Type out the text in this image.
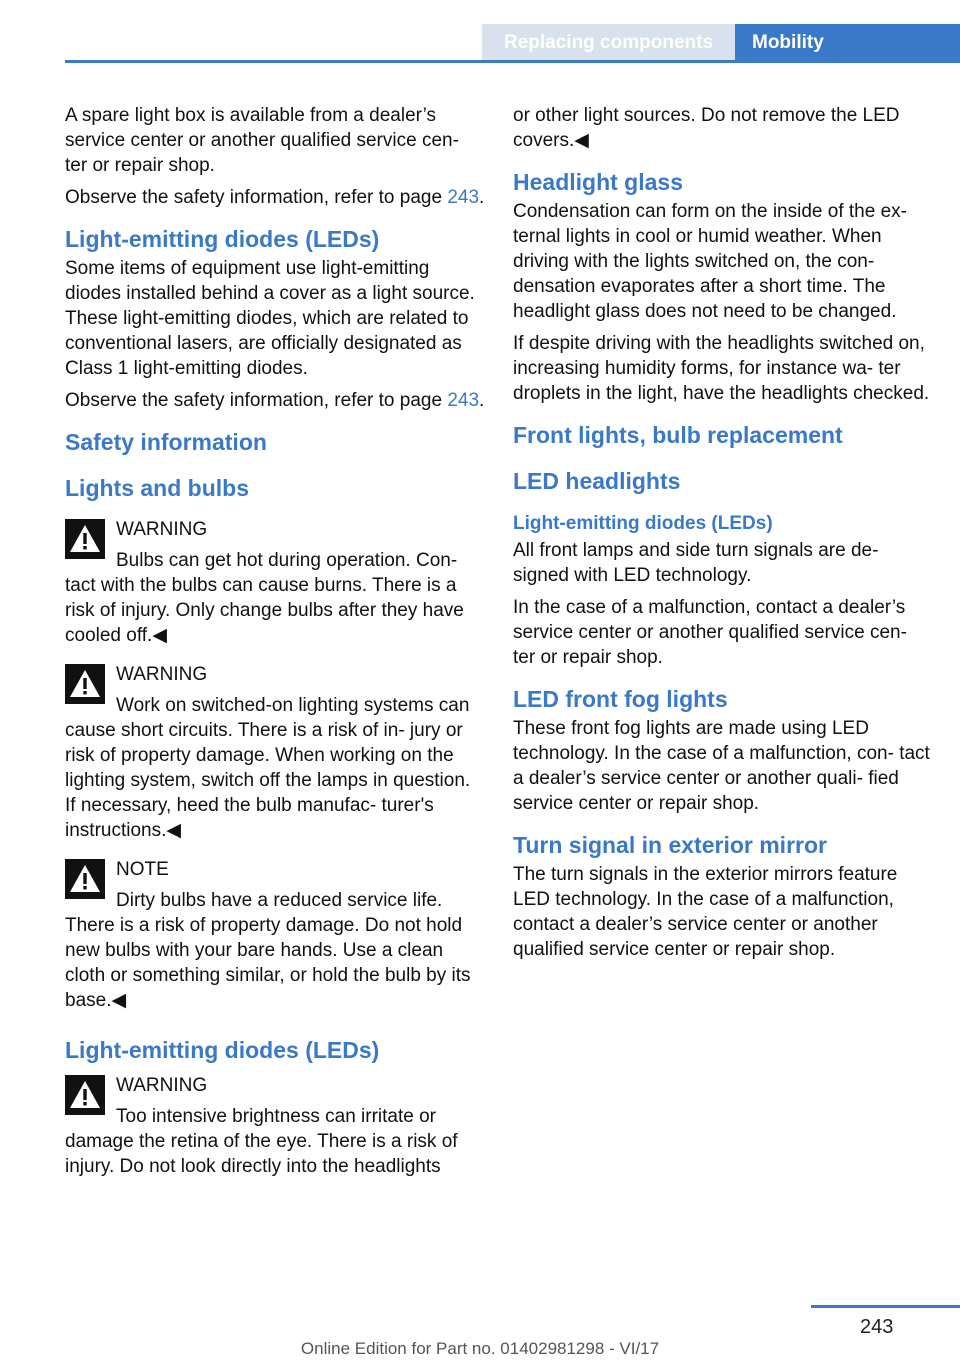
Replacing components	Mobility

A spare light box is available from a dealer’s service center or another qualified service cen‐ ter or repair shop.

Observe the safety information, refer to page 243.

Light-emitting diodes (LEDs)

Some items of equipment use light-emitting diodes installed behind a cover as a light source. These light-emitting diodes, which are related to conventional lasers, are officially designated as Class 1 light-emitting diodes.

Observe the safety information, refer to page 243.

Safety information
Lights and bulbs
WARNING
Bulbs can get hot during operation. Con‐ tact with the bulbs can cause burns. There is a risk of injury. Only change bulbs after they have cooled off.◀
WARNING
Work on switched-on lighting systems can cause short circuits. There is a risk of in‐ jury or risk of property damage. When working on the lighting system, switch off the lamps in question. If necessary, heed the bulb manufac‐ turer's instructions.◀
NOTE
Dirty bulbs have a reduced service life. There is a risk of property damage. Do not hold new bulbs with your bare hands. Use a clean cloth or something similar, or hold the bulb by its base.◀
Light-emitting diodes (LEDs)
WARNING
Too intensive brightness can irritate or damage the retina of the eye. There is a risk of injury. Do not look directly into the headlights

or other light sources. Do not remove the LED covers.◀

Headlight glass

Condensation can form on the inside of the ex‐ ternal lights in cool or humid weather. When driving with the lights switched on, the con‐ densation evaporates after a short time. The headlight glass does not need to be changed.

If despite driving with the headlights switched on, increasing humidity forms, for instance wa‐ ter droplets in the light, have the headlights checked.

Front lights, bulb replacement
LED headlights
Light-emitting diodes (LEDs)

All front lamps and side turn signals are de‐ signed with LED technology.

In the case of a malfunction, contact a dealer’s service center or another qualified service cen‐ ter or repair shop.

LED front fog lights

These front fog lights are made using LED technology. In the case of a malfunction, con‐ tact a dealer’s service center or another quali‐ fied service center or repair shop.

Turn signal in exterior mirror

The turn signals in the exterior mirrors feature LED technology. In the case of a malfunction, contact a dealer’s service center or another qualified service center or repair shop.

243
Online Edition for Part no. 01402981298 - VI/17
